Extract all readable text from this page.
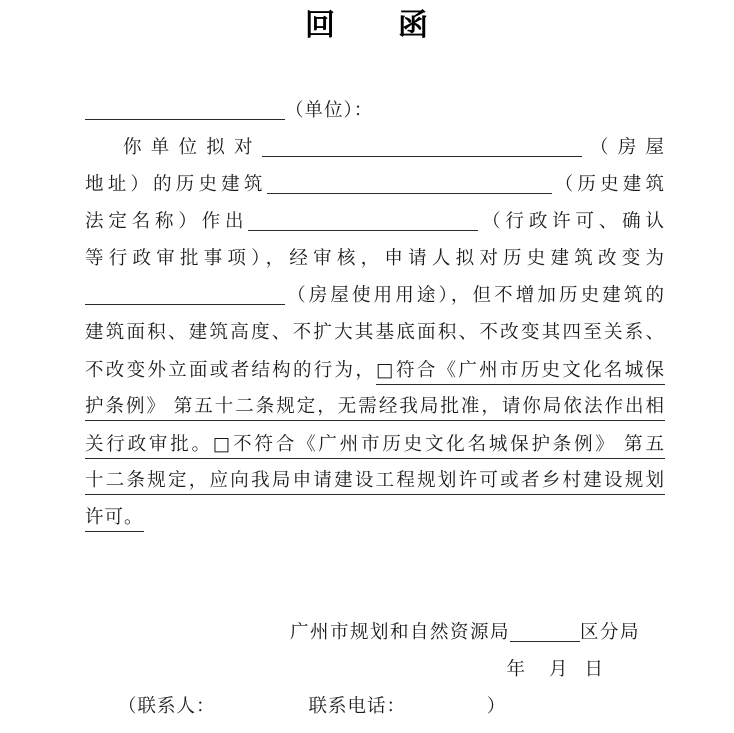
回　　函
（单位）：
你单位拟对	（房屋
地址）的历史建筑	（历史建筑
法定名称）作出	（行政许可、确认
等行政审批事项），经审核，申请人拟对历史建筑改变为
（房屋使用用途），但不增加历史建筑的
建筑面积、建筑高度、不扩大其基底面积、不改变其四至关系、
不改变外立面或者结构的行为，□符合《广州市历史文化名城保
护条例》 第五十二条规定，无需经我局批准，请你局依法作出相
关行政审批。□不符合《广州市历史文化名城保护条例》 第五
十二条规定，应向我局申请建设工程规划许可或者乡村建设规划
许可。
广州市规划和自然资源局	区分局
年 月 日
（联系人：	联系电话：	）
